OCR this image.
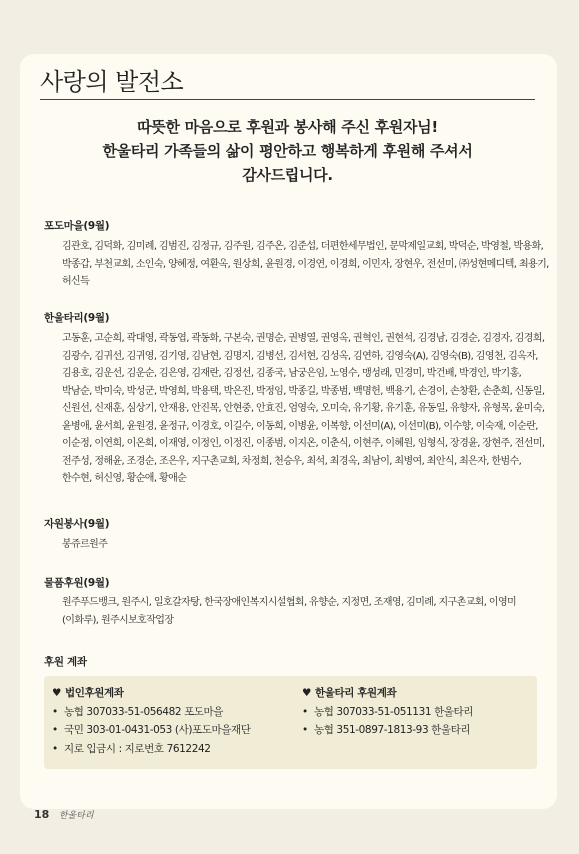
사랑의 발전소
따뜻한 마음으로 후원과 봉사해 주신 후원자님!
한울타리 가족들의 삶이 평안하고 행복하게 후원해 주셔서
감사드립니다.
포도마을(9월)
김관호, 김덕화, 김미례, 김범진, 김정규, 김주원, 김주온, 김준섭, 더편한세무법인, 문막제일교회, 박덕순, 박영철, 박용화, 박종갑, 부천교회, 소인숙, 양혜정, 여환옥, 원상희, 윤원경, 이경연, 이경희, 이민자, 장현우, 전선미, ㈜성현메디텍, 최용기, 허신득
한울타리(9월)
고동훈, 고순희, 곽대영, 곽동엽, 곽동화, 구본숙, 권명순, 권병열, 권영옥, 권혁인, 권현석, 김경남, 김경순, 김경자, 김경희, 김광수, 김귀선, 김귀영, 김기영, 김남현, 김명지, 김병선, 김서현, 김성옥, 김연하, 김영숙(A), 김영숙(B), 김영천, 김옥자, 김용호, 김운선, 김운순, 김은영, 김재란, 김정선, 김종국, 남궁은임, 노영수, 맹성래, 민경미, 박건배, 박경인, 박기홍, 박남순, 박미숙, 박성군, 박영희, 박용택, 박은진, 박정임, 박종길, 박종범, 백명헌, 백용기, 손경이, 손창환, 손춘희, 신동일, 신원선, 신재훈, 심상기, 안재용, 안진목, 안현중, 안효진, 엄영숙, 오미숙, 유기황, 유기훈, 유동일, 유향자, 유형목, 윤미숙, 윤병애, 윤서희, 윤원경, 윤정규, 이경호, 이길수, 이동희, 이병윤, 이복향, 이선미(A), 이선미(B), 이수향, 이숙재, 이순란, 이순정, 이연희, 이온희, 이재영, 이정인, 이정진, 이종범, 이지온, 이춘식, 이현주, 이혜원, 임형식, 장경윤, 장현주, 전선미, 전주성, 정해윤, 조경순, 조은우, 지구촌교회, 차정희, 천승우, 최석, 최경옥, 최남이, 최병여, 최안식, 최은자, 한범수, 한수현, 허신영, 황순애, 황애순
자원봉사(9월)
봉쥬르원주
물품후원(9월)
원주푸드뱅크, 원주시, 일호갈자탕, 한국장애인복지시설협회, 유향순, 지정면, 조재영, 김미례, 지구촌교회, 이영미(이화루), 원주시보호작업장
후원 계좌
♥ 법인후원계좌
• 농협 307033-51-056482 포도마을
• 국민 303-01-0431-053 (사)포도마을재단
• 지로 입금시 : 지로번호 7612242
♥ 한울타리 후원계좌
• 농협 307033-51-051131 한울타리
• 농협 351-0897-1813-93 한울타리
18 한울타리
